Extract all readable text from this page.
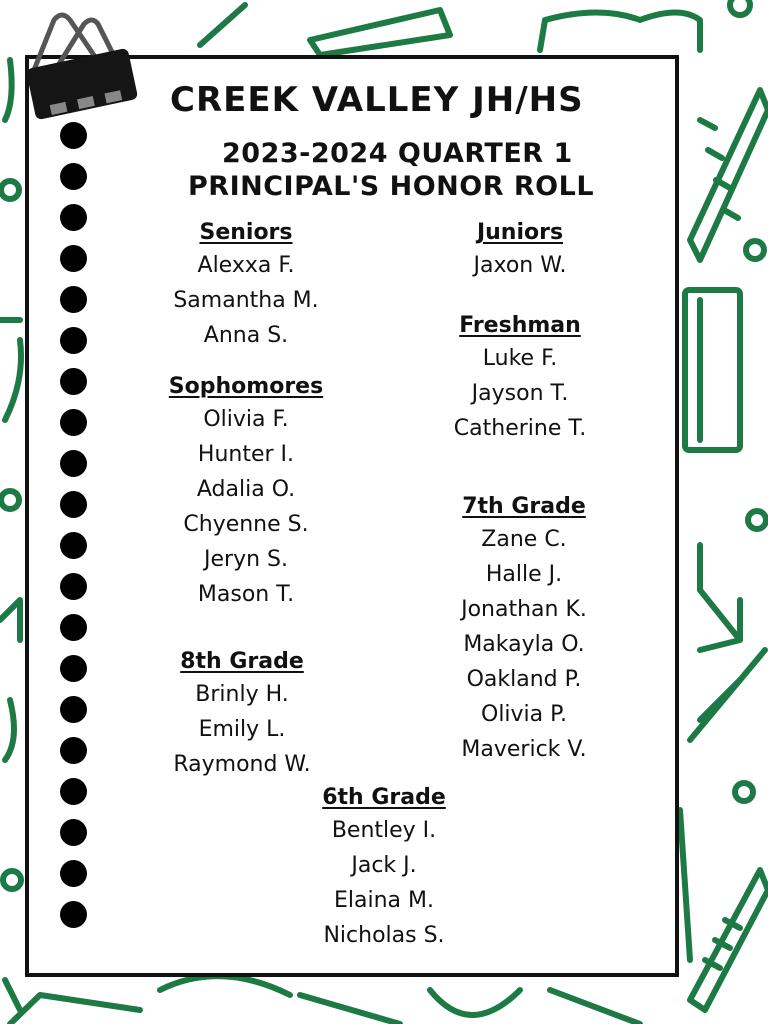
CREEK VALLEY JH/HS
2023-2024 QUARTER 1
PRINCIPAL'S HONOR ROLL
Seniors
Alexxa F.
Samantha M.
Anna S.
Juniors
Jaxon W.
Freshman
Luke F.
Jayson T.
Catherine T.
Sophomores
Olivia F.
Hunter I.
Adalia O.
Chyenne S.
Jeryn S.
Mason T.
7th Grade
Zane C.
Halle J.
Jonathan K.
Makayla O.
Oakland P.
Olivia P.
Maverick V.
8th Grade
Brinly H.
Emily L.
Raymond W.
6th Grade
Bentley I.
Jack J.
Elaina M.
Nicholas S.
